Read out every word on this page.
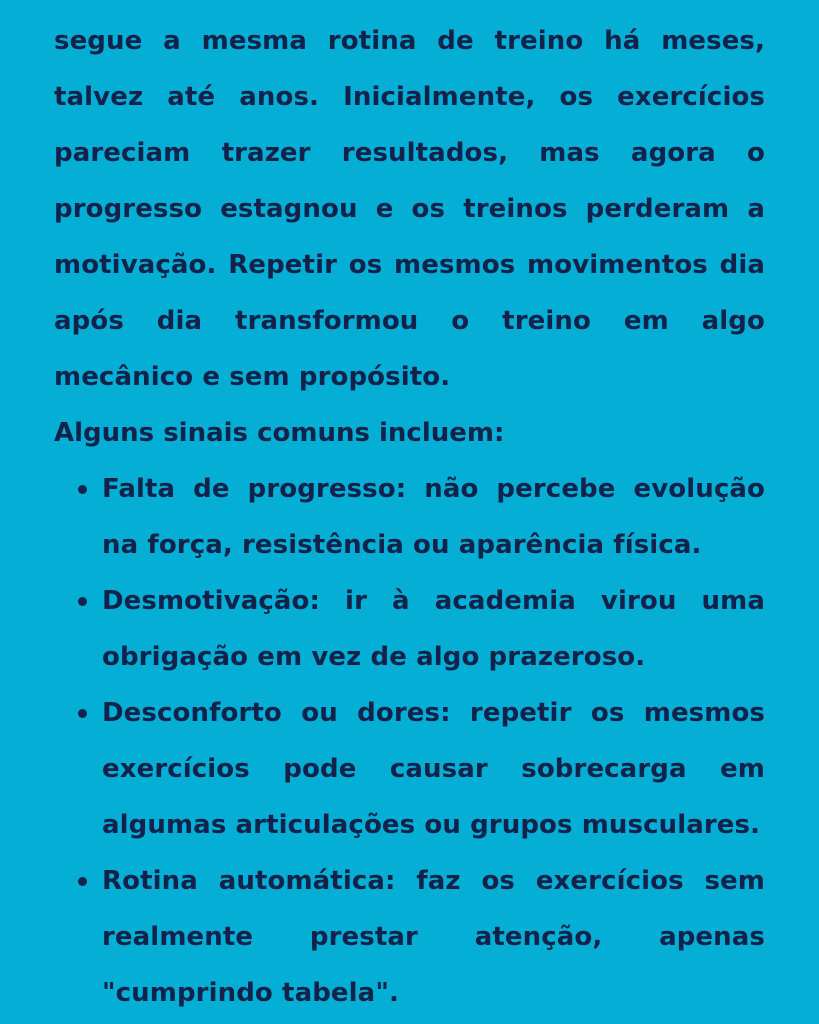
segue a mesma rotina de treino há meses, talvez até anos. Inicialmente, os exercícios pareciam trazer resultados, mas agora o progresso estagnou e os treinos perderam a motivação. Repetir os mesmos movimentos dia após dia transformou o treino em algo mecânico e sem propósito.

Alguns sinais comuns incluem:

Falta de progresso: não percebe evolução na força, resistência ou aparência física.
Desmotivação: ir à academia virou uma obrigação em vez de algo prazeroso.
Desconforto ou dores: repetir os mesmos exercícios pode causar sobrecarga em algumas articulações ou grupos musculares.
Rotina automática: faz os exercícios sem realmente prestar atenção, apenas "cumprindo tabela".
